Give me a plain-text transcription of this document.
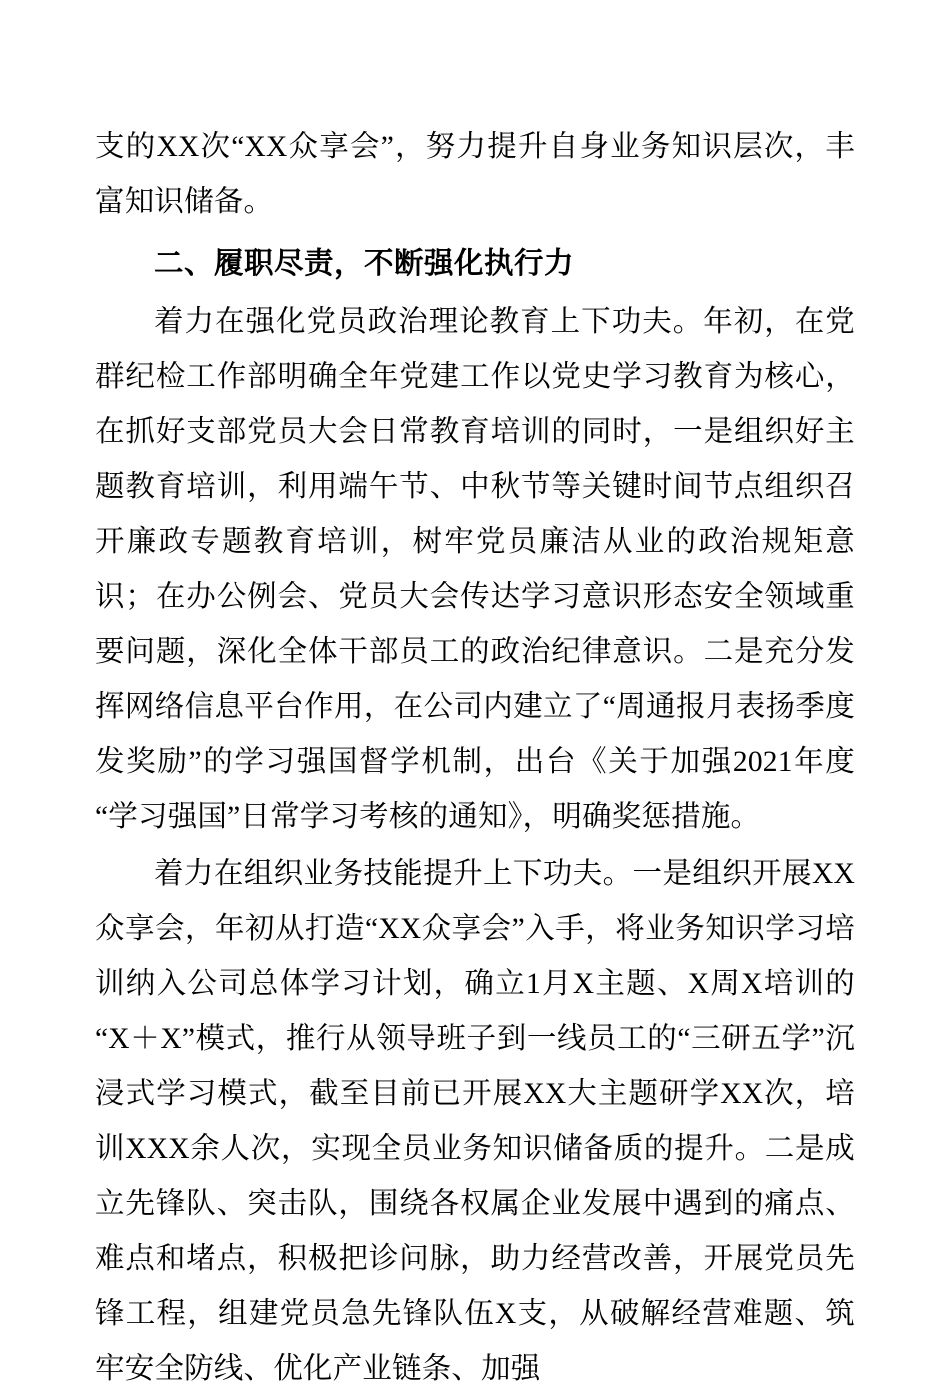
支的XX次“XX众享会”，努力提升自身业务知识层次，丰富知识储备。

二、履职尽责，不断强化执行力

着力在强化党员政治理论教育上下功夫。年初，在党群纪检工作部明确全年党建工作以党史学习教育为核心，在抓好支部党员大会日常教育培训的同时，一是组织好主题教育培训，利用端午节、中秋节等关键时间节点组织召开廉政专题教育培训，树牢党员廉洁从业的政治规矩意识；在办公例会、党员大会传达学习意识形态安全领域重要问题，深化全体干部员工的政治纪律意识。二是充分发挥网络信息平台作用，在公司内建立了“周通报月表扬季度发奖励”的学习强国督学机制，出台《关于加强2021年度“学习强国”日常学习考核的通知》，明确奖惩措施。

着力在组织业务技能提升上下功夫。一是组织开展XX众享会，年初从打造“XX众享会”入手，将业务知识学习培训纳入公司总体学习计划，确立1月X主题、X周X培训的“X＋X”模式，推行从领导班子到一线员工的“三研五学”沉浸式学习模式，截至目前已开展XX大主题研学XX次，培训XXX余人次，实现全员业务知识储备质的提升。二是成立先锋队、突击队，围绕各权属企业发展中遇到的痛点、难点和堵点，积极把诊问脉，助力经营改善，开展党员先锋工程，组建党员急先锋队伍X支，从破解经营难题、筑牢安全防线、优化产业链条、加强
